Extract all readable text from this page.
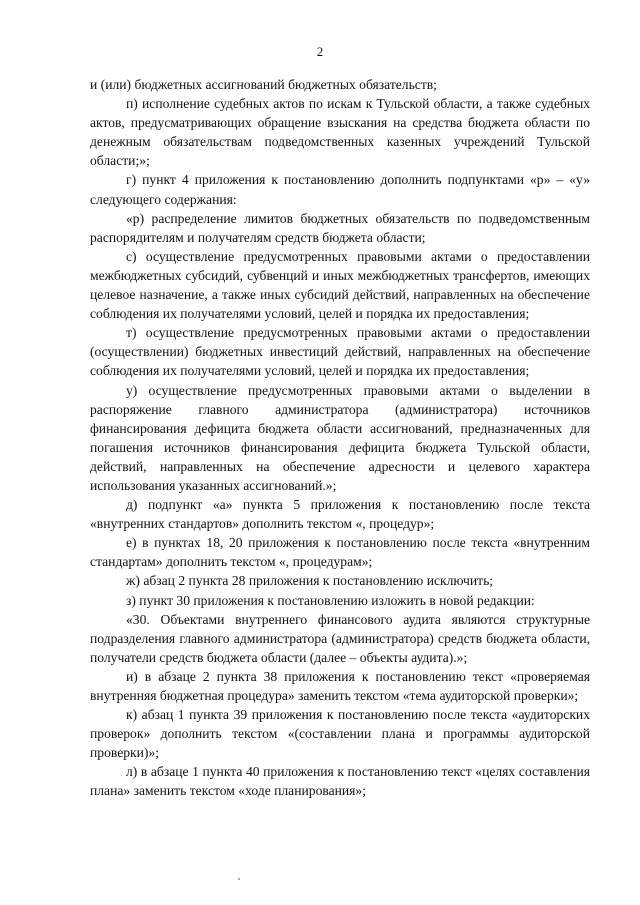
2

и (или) бюджетных ассигнований бюджетных обязательств;

п) исполнение судебных актов по искам к Тульской области, а также судебных актов, предусматривающих обращение взыскания на средства бюджета области по денежным обязательствам подведомственных казенных учреждений Тульской области;»;

г) пункт 4 приложения к постановлению дополнить подпунктами «р» – «у» следующего содержания:

«р) распределение лимитов бюджетных обязательств по подведомственным распорядителям и получателям средств бюджета области;

с) осуществление предусмотренных правовыми актами о предоставлении межбюджетных субсидий, субвенций и иных межбюджетных трансфертов, имеющих целевое назначение, а также иных субсидий действий, направленных на обеспечение соблюдения их получателями условий, целей и порядка их предоставления;

т) осуществление предусмотренных правовыми актами о предоставлении (осуществлении) бюджетных инвестиций действий, направленных на обеспечение соблюдения их получателями условий, целей и порядка их предоставления;

у) осуществление предусмотренных правовыми актами о выделении в распоряжение главного администратора (администратора) источников финансирования дефицита бюджета области ассигнований, предназначенных для погашения источников финансирования дефицита бюджета Тульской области, действий, направленных на обеспечение адресности и целевого характера использования указанных ассигнований.»;

д) подпункт «а» пункта 5 приложения к постановлению после текста «внутренних стандартов» дополнить текстом «, процедур»;

е) в пунктах 18, 20 приложения к постановлению после текста «внутренним стандартам» дополнить текстом «, процедурам»;

ж) абзац 2 пункта 28 приложения к постановлению исключить;

з) пункт 30 приложения к постановлению изложить в новой редакции:

«30. Объектами внутреннего финансового аудита являются структурные подразделения главного администратора (администратора) средств бюджета области, получатели средств бюджета области (далее – объекты аудита).»;

и) в абзаце 2 пункта 38 приложения к постановлению текст «проверяемая внутренняя бюджетная процедура» заменить текстом «тема аудиторской проверки»;

к) абзац 1 пункта 39 приложения к постановлению после текста «аудиторских проверок» дополнить текстом «(составлении плана и программы аудиторской проверки)»;

л) в абзаце 1 пункта 40 приложения к постановлению текст «целях составления плана» заменить текстом «ходе планирования»;
